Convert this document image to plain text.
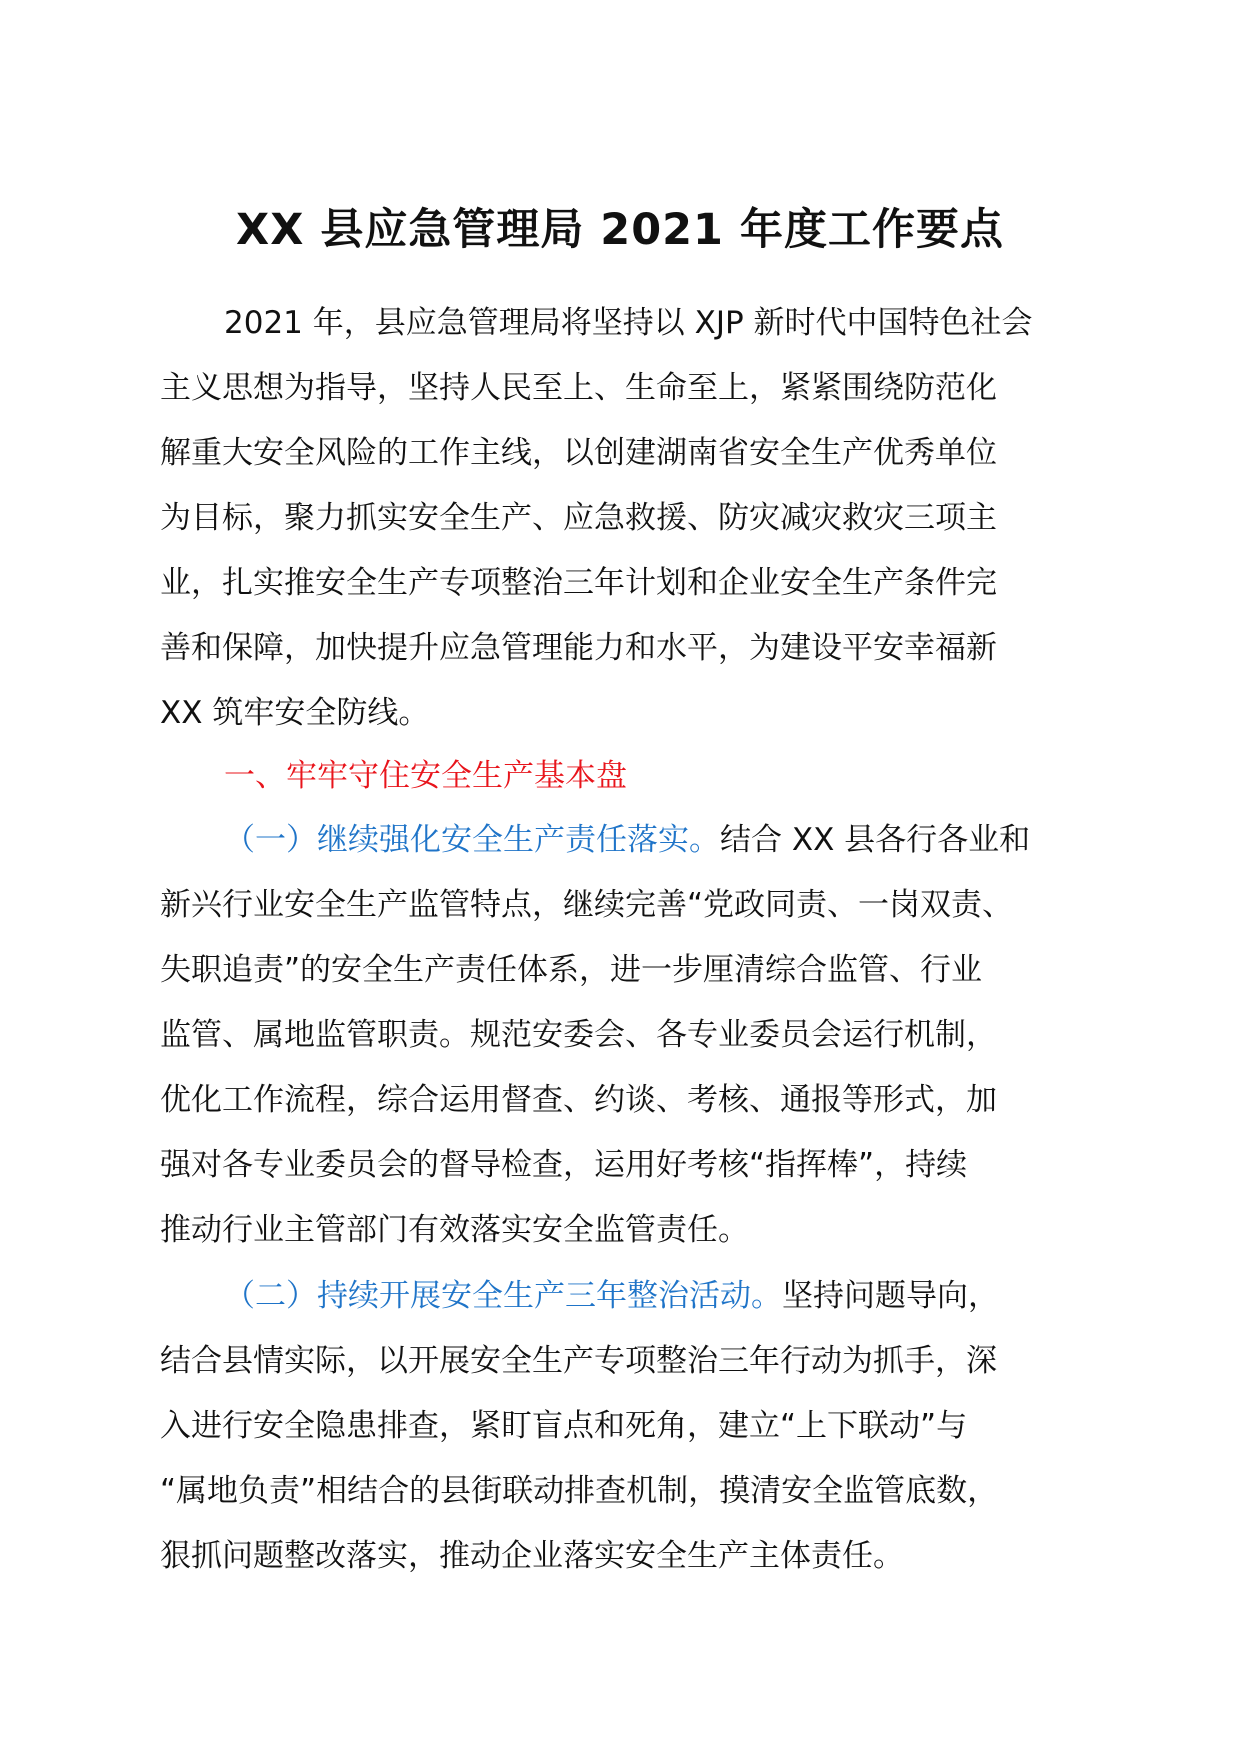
XX 县应急管理局 2021 年度工作要点
2021 年，县应急管理局将坚持以 XJP 新时代中国特色社会
主义思想为指导，坚持人民至上、生命至上，紧紧围绕防范化
解重大安全风险的工作主线，以创建湖南省安全生产优秀单位
为目标，聚力抓实安全生产、应急救援、防灾减灾救灾三项主
业，扎实推安全生产专项整治三年计划和企业安全生产条件完
善和保障，加快提升应急管理能力和水平，为建设平安幸福新
XX 筑牢安全防线。
一、牢牢守住安全生产基本盘
（一）继续强化安全生产责任落实。结合 XX 县各行各业和
新兴行业安全生产监管特点，继续完善“党政同责、一岗双责、
失职追责”的安全生产责任体系，进一步厘清综合监管、行业
监管、属地监管职责。规范安委会、各专业委员会运行机制，
优化工作流程，综合运用督查、约谈、考核、通报等形式，加
强对各专业委员会的督导检查，运用好考核“指挥棒”，持续
推动行业主管部门有效落实安全监管责任。
（二）持续开展安全生产三年整治活动。坚持问题导向，
结合县情实际，以开展安全生产专项整治三年行动为抓手，深
入进行安全隐患排查，紧盯盲点和死角，建立“上下联动”与
“属地负责”相结合的县街联动排查机制，摸清安全监管底数，
狠抓问题整改落实，推动企业落实安全生产主体责任。
